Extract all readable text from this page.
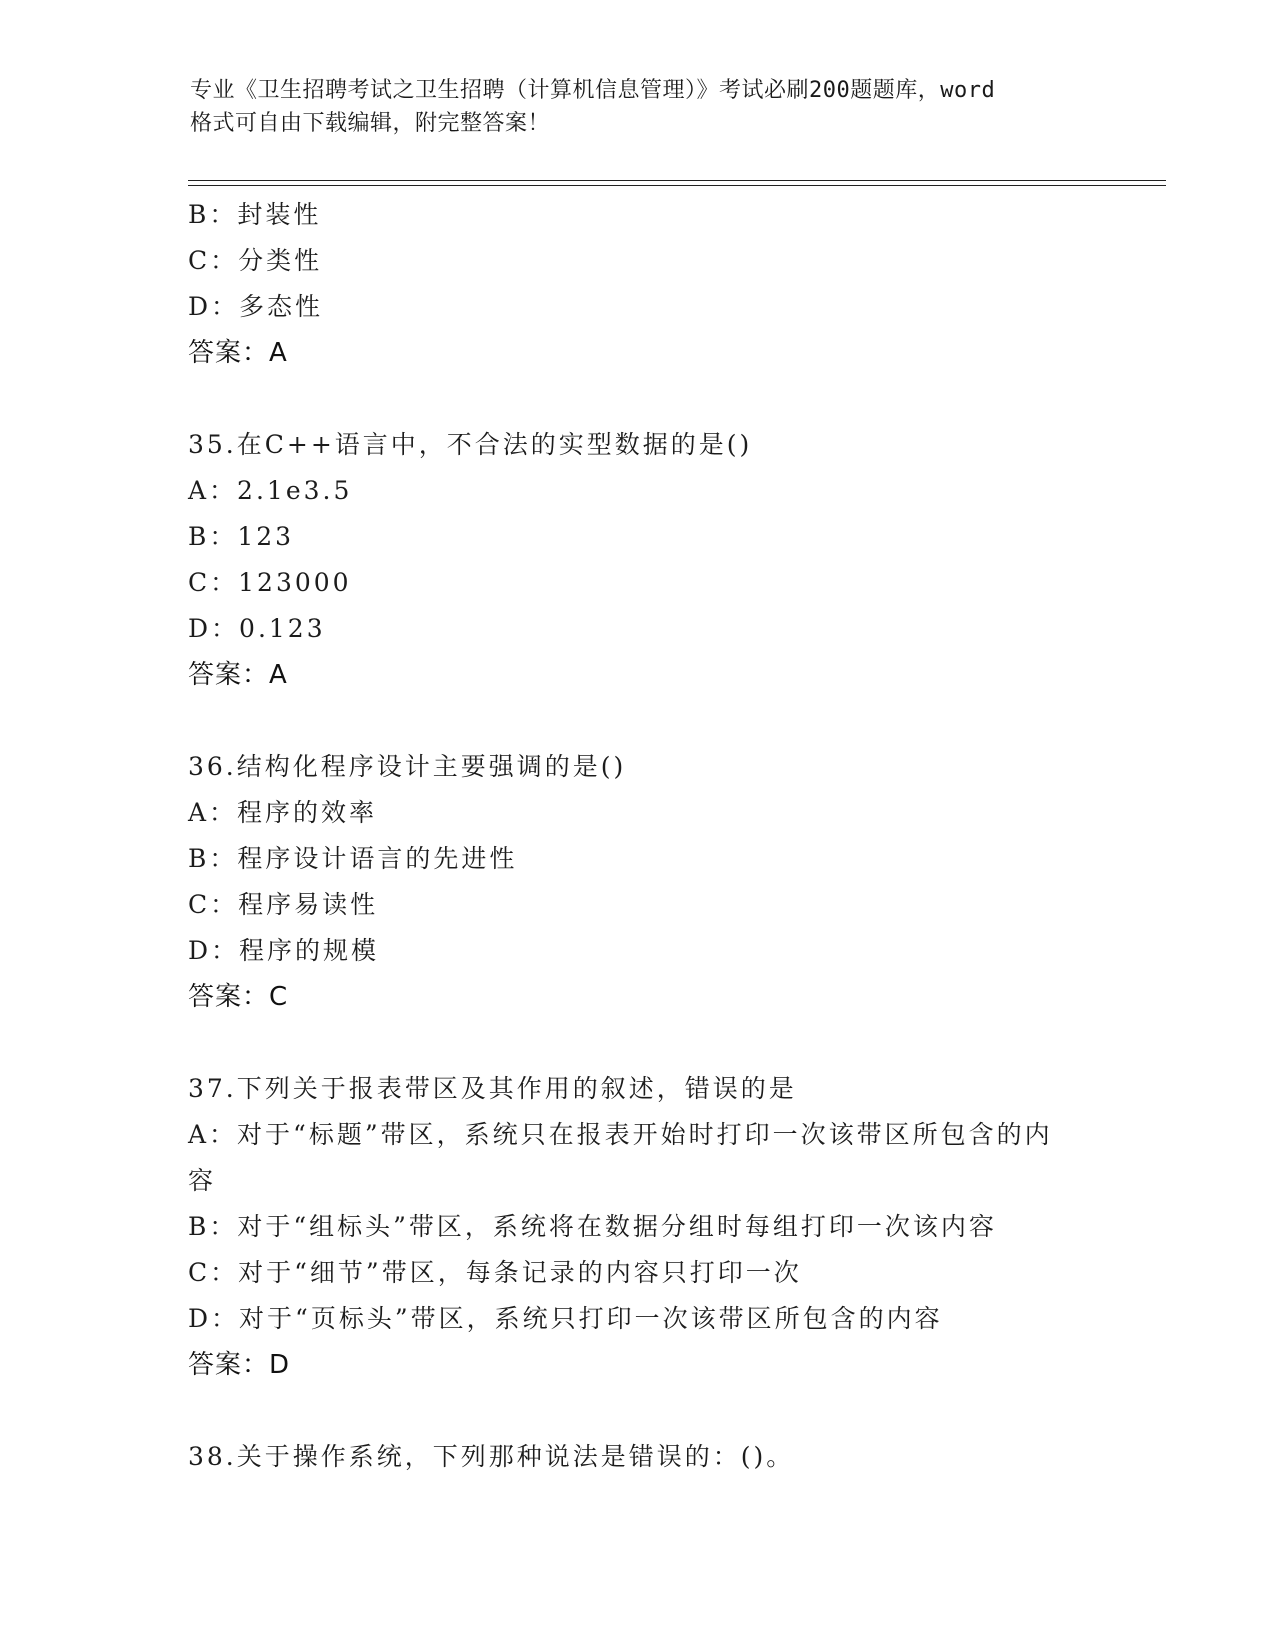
专业《卫生招聘考试之卫生招聘（计算机信息管理）》考试必刷200题题库，word
格式可自由下载编辑，附完整答案！
B：封装性
C：分类性
D：多态性
答案：A
35.在C++语言中，不合法的实型数据的是()
A：2.1e3.5
B：123
C：123000
D：0.123
答案：A
36.结构化程序设计主要强调的是()
A：程序的效率
B：程序设计语言的先进性
C：程序易读性
D：程序的规模
答案：C
37.下列关于报表带区及其作用的叙述，错误的是
A：对于“标题”带区，系统只在报表开始时打印一次该带区所包含的内容
B：对于“组标头”带区，系统将在数据分组时每组打印一次该内容
C：对于“细节”带区，每条记录的内容只打印一次
D：对于“页标头”带区，系统只打印一次该带区所包含的内容
答案：D
38.关于操作系统，下列那种说法是错误的：()。
